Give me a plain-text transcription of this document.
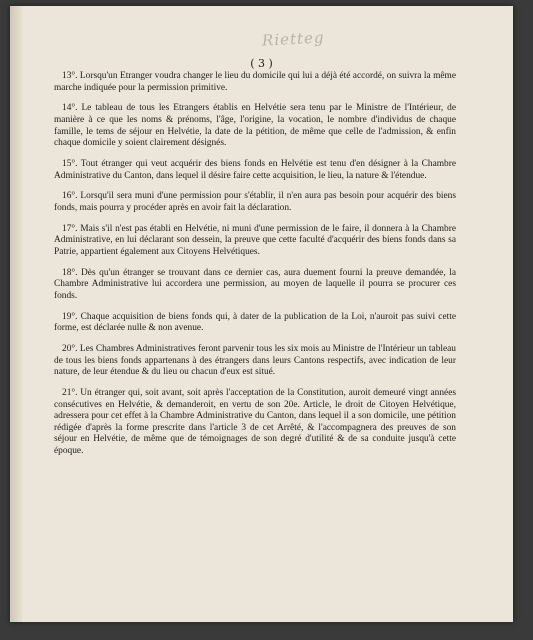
Rietteg
( 3 )

13°. Lorsqu'un Etranger voudra changer le lieu du domicile qui lui a déjà été accordé, on suivra la même marche indiquée pour la permission primitive.

14°. Le tableau de tous les Etrangers établis en Helvétie sera tenu par le Ministre de l'Intérieur, de manière à ce que les noms & prénoms, l'âge, l'origine, la vocation, le nombre d'individus de chaque famille, le tems de séjour en Helvétie, la date de la pétition, de même que celle de l'admission, & enfin chaque domicile y soient clairement désignés.

15°. Tout étranger qui veut acquérir des biens fonds en Helvétie est tenu d'en désigner à la Chambre Administrative du Canton, dans lequel il désire faire cette acquisition, le lieu, la nature & l'étendue.

16°. Lorsqu'il sera muni d'une permission pour s'établir, il n'en aura pas besoin pour acquérir des biens fonds, mais pourra y procéder après en avoir fait la déclaration.

17°. Mais s'il n'est pas établi en Helvétie, ni muni d'une permission de le faire, il donnera à la Chambre Administrative, en lui déclarant son dessein, la preuve que cette faculté d'acquérir des biens fonds dans sa Patrie, appartient également aux Citoyens Helvétiques.

18°. Dès qu'un étranger se trouvant dans ce dernier cas, aura duement fourni la preuve demandée, la Chambre Administrative lui accordera une permission, au moyen de laquelle il pourra se procurer ces fonds.

19°. Chaque acquisition de biens fonds qui, à dater de la publication de la Loi, n'auroit pas suivi cette forme, est déclarée nulle & non avenue.

20°. Les Chambres Administratives feront parvenir tous les six mois au Ministre de l'Intérieur un tableau de tous les biens fonds appartenans à des étrangers dans leurs Cantons respectifs, avec indication de leur nature, de leur étendue & du lieu ou chacun d'eux est situé.

21°. Un étranger qui, soit avant, soit après l'acceptation de la Constitution, auroit demeuré vingt années consécutives en Helvétie, & demanderoit, en vertu de son 20e. Article, le droit de Citoyen Helvétique, adressera pour cet effet à la Chambre Administrative du Canton, dans lequel il a son domicile, une pétition rédigée d'après la forme prescrite dans l'article 3 de cet Arrêté, & l'accompagnera des preuves de son séjour en Helvétie, de même que de témoignages de son degré d'utilité & de sa conduite jusqu'à cette époque.
